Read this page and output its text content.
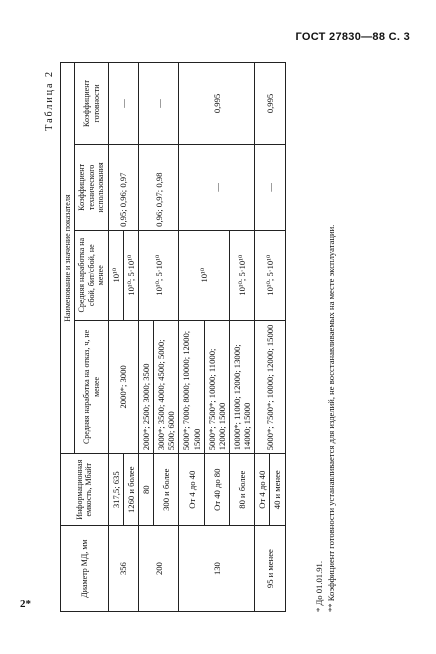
ГОСТ 27830—88 С. 3
2*
Таблица 2
Диаметр МД, мм	Информационная емкость, Мбайт	Наименование и значение показателя			
		Средняя наработка на отказ, ч, не менее	Средняя наработка на сбой, бит/сбой, не менее	Коэффициент технического использования	Коэффициент готовности
356	317,5; 635	2000*; 3000	10¹⁰	0,95; 0,96; 0,97	—
	1260 и более		10¹⁰; 5·10¹⁰		
200	80	2000*; 2500; 3000; 3500	10¹⁰; 5·10¹⁰	0,96; 0,97; 0,98	—
	300 и более	3000*; 3500; 4000; 4500; 5000; 5500; 6000			
130	От 4 до 40	5000*; 7000; 8000; 10000; 12000; 15000	10¹⁰	—	0,995
	От 40 до 80	5000*; 7500*; 10000; 11000; 12000; 15000			
	80 и более	10000*; 11000; 12000; 13000; 14000; 15000	10¹⁰; 5·10¹⁰		
95 и менее	От 4 до 40	5000*; 7500*; 10000; 12000; 15000	10¹⁰; 5·10¹⁰	—	0,995
	40 и менее				
* До 01.01.91. ** Коэффициент готовности устанавливается для изделий, не восстанавливаемых на месте эксплуатации.
